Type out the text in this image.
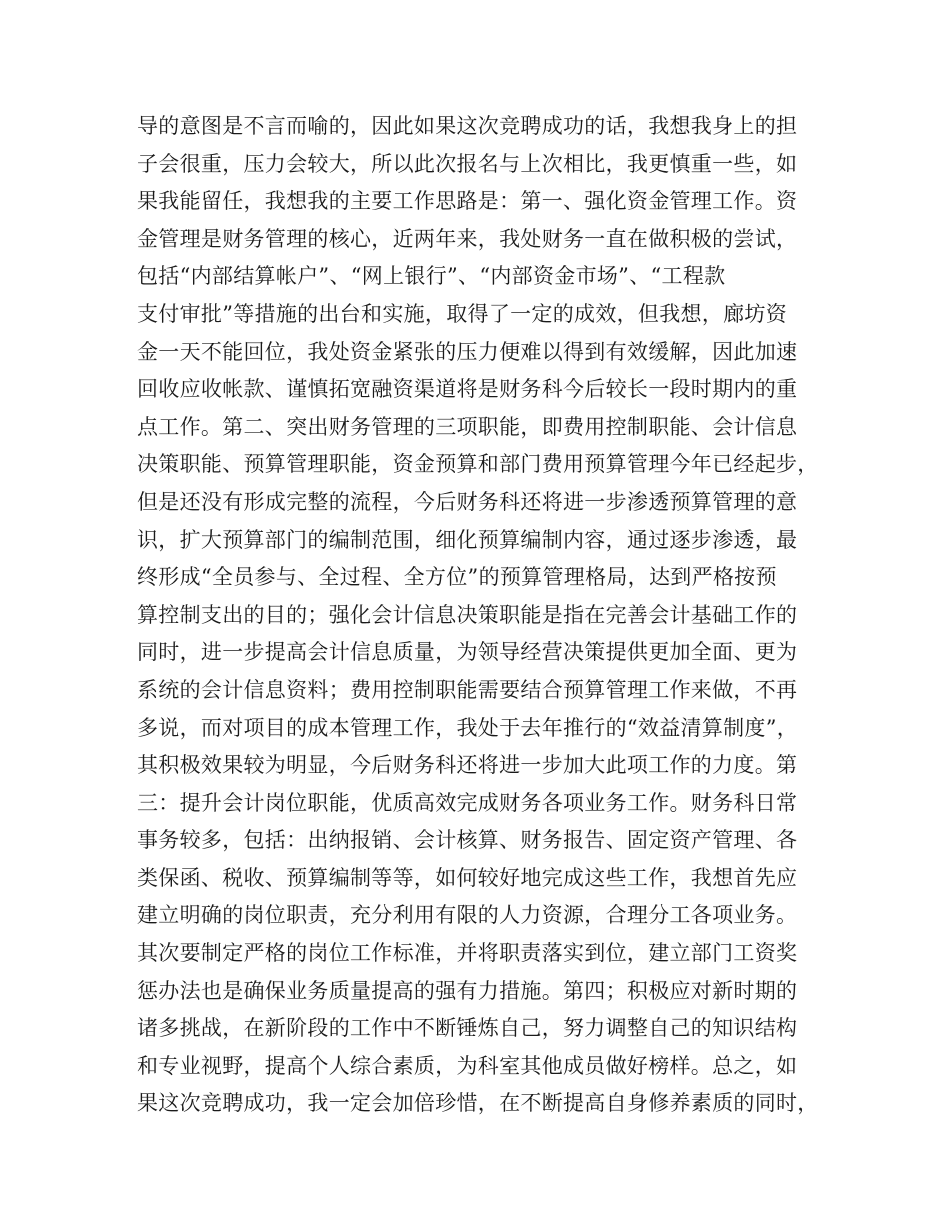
导的意图是不言而喻的，因此如果这次竞聘成功的话，我想我身上的担
子会很重，压力会较大，所以此次报名与上次相比，我更慎重一些，如
果我能留任，我想我的主要工作思路是：第一、强化资金管理工作。资
金管理是财务管理的核心，近两年来，我处财务一直在做积极的尝试，
包括“内部结算帐户”、“网上银行”、“内部资金市场”、“工程款
支付审批”等措施的出台和实施，取得了一定的成效，但我想，廊坊资
金一天不能回位，我处资金紧张的压力便难以得到有效缓解，因此加速
回收应收帐款、谨慎拓宽融资渠道将是财务科今后较长一段时期内的重
点工作。第二、突出财务管理的三项职能，即费用控制职能、会计信息
决策职能、预算管理职能，资金预算和部门费用预算管理今年已经起步，
但是还没有形成完整的流程，今后财务科还将进一步渗透预算管理的意
识，扩大预算部门的编制范围，细化预算编制内容，通过逐步渗透，最
终形成“全员参与、全过程、全方位”的预算管理格局，达到严格按预
算控制支出的目的；强化会计信息决策职能是指在完善会计基础工作的
同时，进一步提高会计信息质量，为领导经营决策提供更加全面、更为
系统的会计信息资料；费用控制职能需要结合预算管理工作来做，不再
多说，而对项目的成本管理工作，我处于去年推行的“效益清算制度”，
其积极效果较为明显，今后财务科还将进一步加大此项工作的力度。第
三：提升会计岗位职能，优质高效完成财务各项业务工作。财务科日常
事务较多，包括：出纳报销、会计核算、财务报告、固定资产管理、各
类保函、税收、预算编制等等，如何较好地完成这些工作，我想首先应
建立明确的岗位职责，充分利用有限的人力资源，合理分工各项业务。
其次要制定严格的岗位工作标准，并将职责落实到位，建立部门工资奖
惩办法也是确保业务质量提高的强有力措施。第四；积极应对新时期的
诸多挑战，在新阶段的工作中不断锤炼自己，努力调整自己的知识结构
和专业视野，提高个人综合素质，为科室其他成员做好榜样。总之，如
果这次竞聘成功，我一定会加倍珍惜，在不断提高自身修养素质的同时，
